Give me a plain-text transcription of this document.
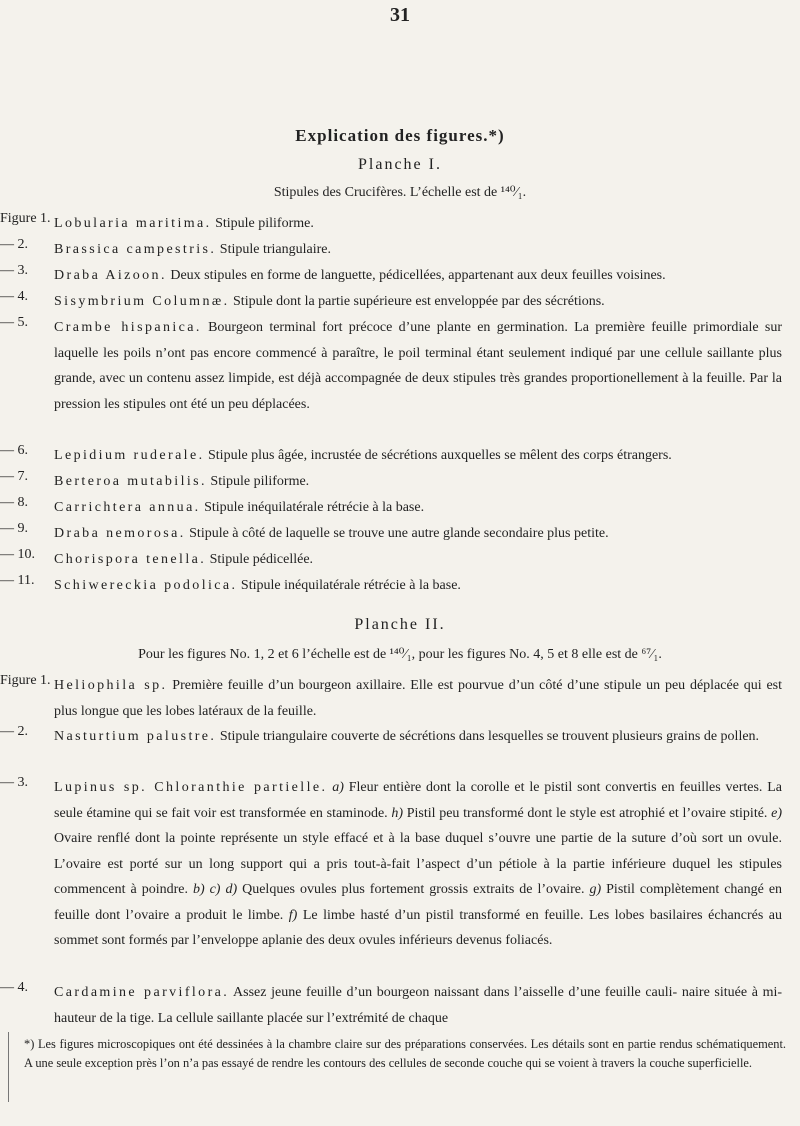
31
Explication des figures.*)
Planche I.
Stipules des Crucifères. L’échelle est de ¹⁴⁰⁄₁.
Figure 1. Lobularia maritima. Stipule piliforme.
— 2.	Brassica campestris. Stipule triangulaire.
— 3.	Draba Aizoon. Deux stipules en forme de languette, pédicellées, appartenant aux deux feuilles voisines.
— 4.	Sisymbrium Columnæ. Stipule dont la partie supérieure est enveloppée par des sécrétions.
— 5.	Crambe hispanica. Bourgeon terminal fort précoce d’une plante en germination. La première feuille primordiale sur laquelle les poils n’ont pas encore commencé à paraître, le poil terminal étant seulement indiqué par une cellule saillante plus grande, avec un contenu assez limpide, est déjà accompagnée de deux stipules très grandes proportionellement à la feuille. Par la pression les stipules ont été un peu déplacées.
— 6.	Lepidium ruderale. Stipule plus âgée, incrustée de sécrétions auxquelles se mêlent des corps étrangers.
— 7.	Berteroa mutabilis. Stipule piliforme.
— 8.	Carrichtera annua. Stipule inéquilatérale rétrécie à la base.
— 9.	Draba nemorosa. Stipule à côté de laquelle se trouve une autre glande secondaire plus petite.
— 10.	Chorispora tenella. Stipule pédicellée.
— 11.	Schiwereckia podolica. Stipule inéquilatérale rétrécie à la base.
Planche II.
Pour les figures No. 1, 2 et 6 l’échelle est de ¹⁴⁰⁄₁, pour les figures No. 4, 5 et 8 elle est de ⁶⁷⁄₁.
Figure 1. Heliophila sp. Première feuille d’un bourgeon axillaire. Elle est pourvue d’un côté d’une stipule un peu déplacée qui est plus longue que les lobes latéraux de la feuille.
— 2.	Nasturtium palustre. Stipule triangulaire couverte de sécrétions dans lesquelles se trouvent plusieurs grains de pollen.
— 3.	Lupinus sp. Chloranthie partielle. a) Fleur entière dont la corolle et le pistil sont convertis en feuilles vertes. La seule étamine qui se fait voir est transformée en staminode. h) Pistil peu transformé dont le style est atrophié et l’ovaire stipité. e) Ovaire renflé dont la pointe représente un style effacé et à la base duquel s’ouvre une partie de la suture d’où sort un ovule. L’ovaire est porté sur un long support qui a pris tout-à-fait l’aspect d’un pétiole à la partie inférieure duquel les stipules commencent à poindre. b) c) d) Quelques ovules plus fortement grossis extraits de l’ovaire. g) Pistil complètement changé en feuille dont l’ovaire a produit le limbe. f) Le limbe hasté d’un pistil transformé en feuille. Les lobes basilaires échancrés au sommet sont formés par l’enveloppe aplanie des deux ovules inférieurs devenus foliacés.
— 4.	Cardamine parviflora. Assez jeune feuille d’un bourgeon naissant dans l’aisselle d’une feuille cauli- naire située à mi-hauteur de la tige. La cellule saillante placée sur l’extrémité de chaque
*) Les figures microscopiques ont été dessinées à la chambre claire sur des préparations conservées. Les détails sont en partie rendus schématiquement. A une seule exception près l’on n’a pas essayé de rendre les contours des cellules de seconde couche qui se voient à travers la couche superficielle.
